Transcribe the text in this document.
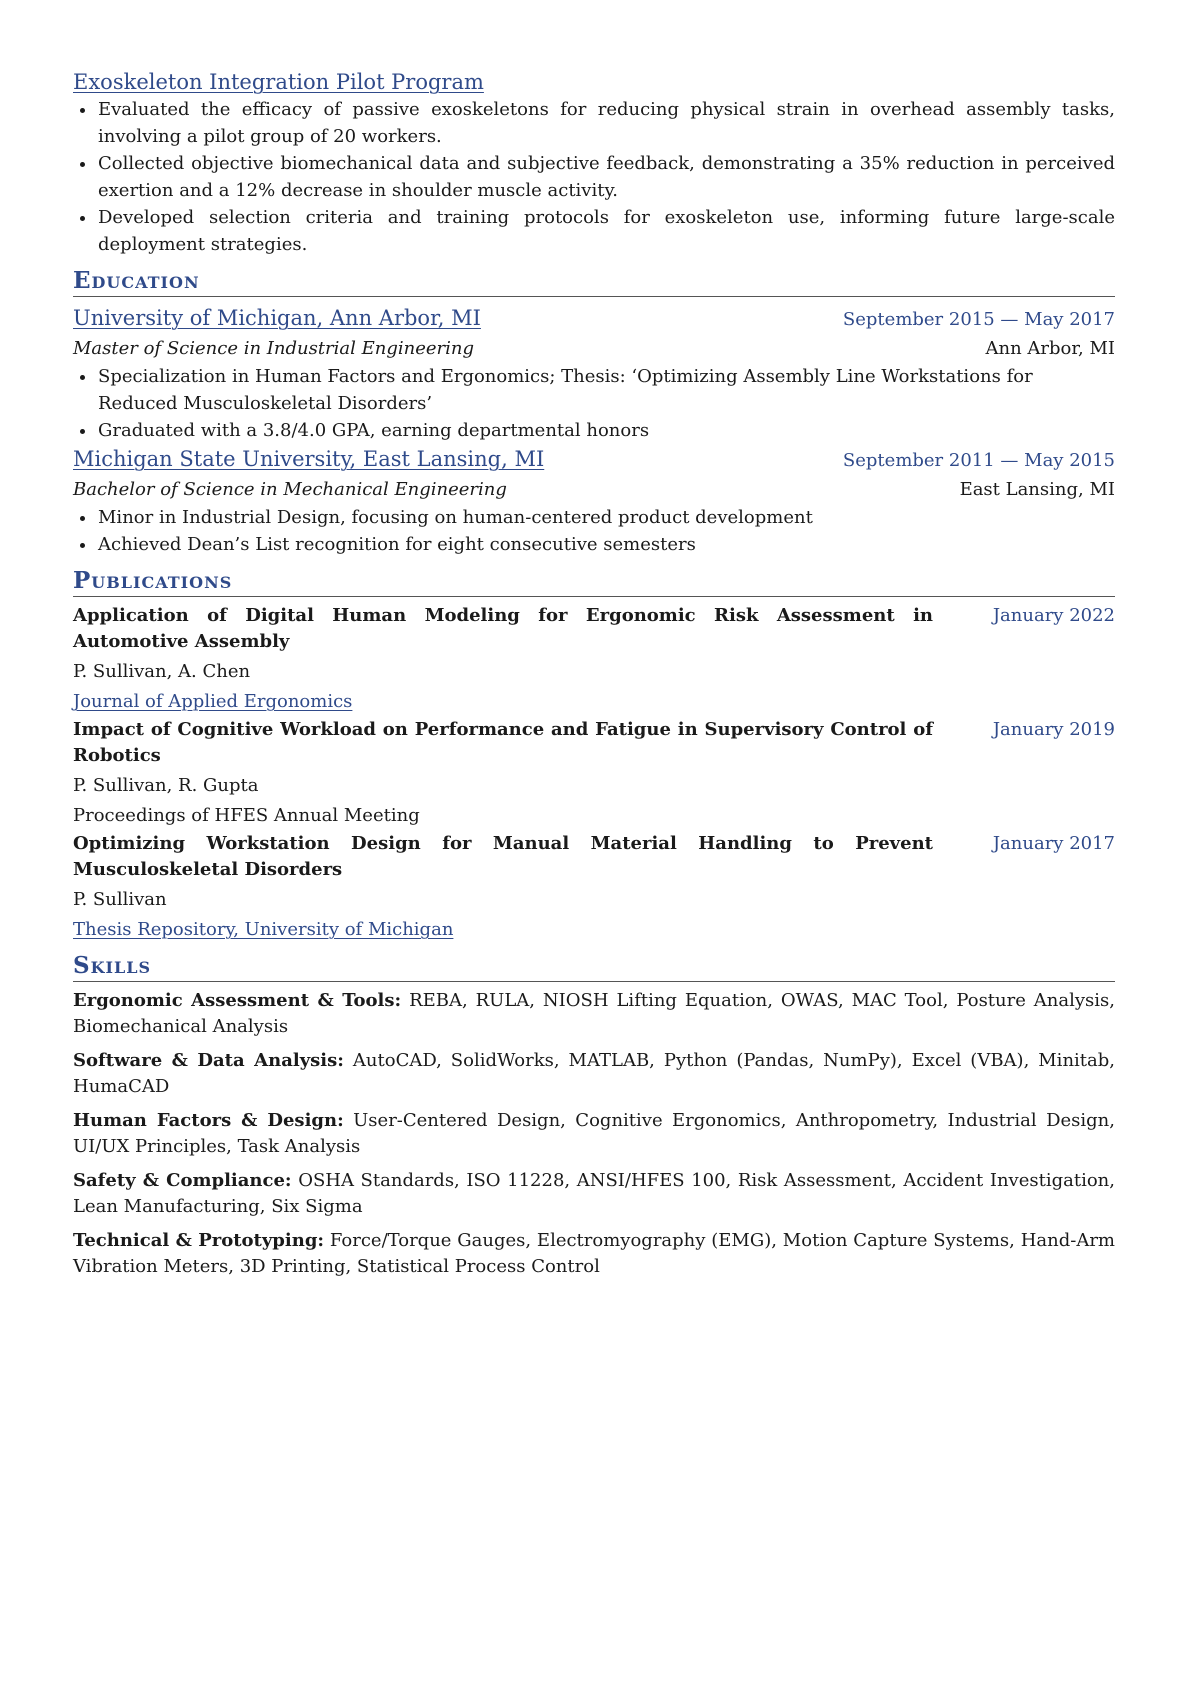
Exoskeleton Integration Pilot Program
Evaluated the efficacy of passive exoskeletons for reducing physical strain in overhead assembly tasks, involving a pilot group of 20 workers.
Collected objective biomechanical data and subjective feedback, demonstrating a 35% reduction in perceived exertion and a 12% decrease in shoulder muscle activity.
Developed selection criteria and training protocols for exoskeleton use, informing future large-scale deployment strategies.
Education
University of Michigan, Ann Arbor, MI	September 2015 — May 2017
Master of Science in Industrial Engineering	Ann Arbor, MI
Specialization in Human Factors and Ergonomics; Thesis: ‘Optimizing Assembly Line Workstations for Reduced Musculoskeletal Disorders’
Graduated with a 3.8/4.0 GPA, earning departmental honors
Michigan State University, East Lansing, MI	September 2011 — May 2015
Bachelor of Science in Mechanical Engineering	East Lansing, MI
Minor in Industrial Design, focusing on human-centered product development
Achieved Dean’s List recognition for eight consecutive semesters
Publications
Application of Digital Human Modeling for Ergonomic Risk Assessment in Automotive Assembly
January 2022
P. Sullivan, A. Chen
Journal of Applied Ergonomics
Impact of Cognitive Workload on Performance and Fatigue in Supervisory Control of Robotics
January 2019
P. Sullivan, R. Gupta
Proceedings of HFES Annual Meeting
Optimizing Workstation Design for Manual Material Handling to Prevent Musculoskeletal Disorders
January 2017
P. Sullivan
Thesis Repository, University of Michigan
Skills
Ergonomic Assessment & Tools: REBA, RULA, NIOSH Lifting Equation, OWAS, MAC Tool, Posture Analysis, Biomechanical Analysis
Software & Data Analysis: AutoCAD, SolidWorks, MATLAB, Python (Pandas, NumPy), Excel (VBA), Minitab, HumaCAD
Human Factors & Design: User-Centered Design, Cognitive Ergonomics, Anthropometry, Industrial Design, UI/UX Principles, Task Analysis
Safety & Compliance: OSHA Standards, ISO 11228, ANSI/HFES 100, Risk Assessment, Accident Investigation, Lean Manufacturing, Six Sigma
Technical & Prototyping: Force/Torque Gauges, Electromyography (EMG), Motion Capture Systems, Hand-Arm Vibration Meters, 3D Printing, Statistical Process Control
